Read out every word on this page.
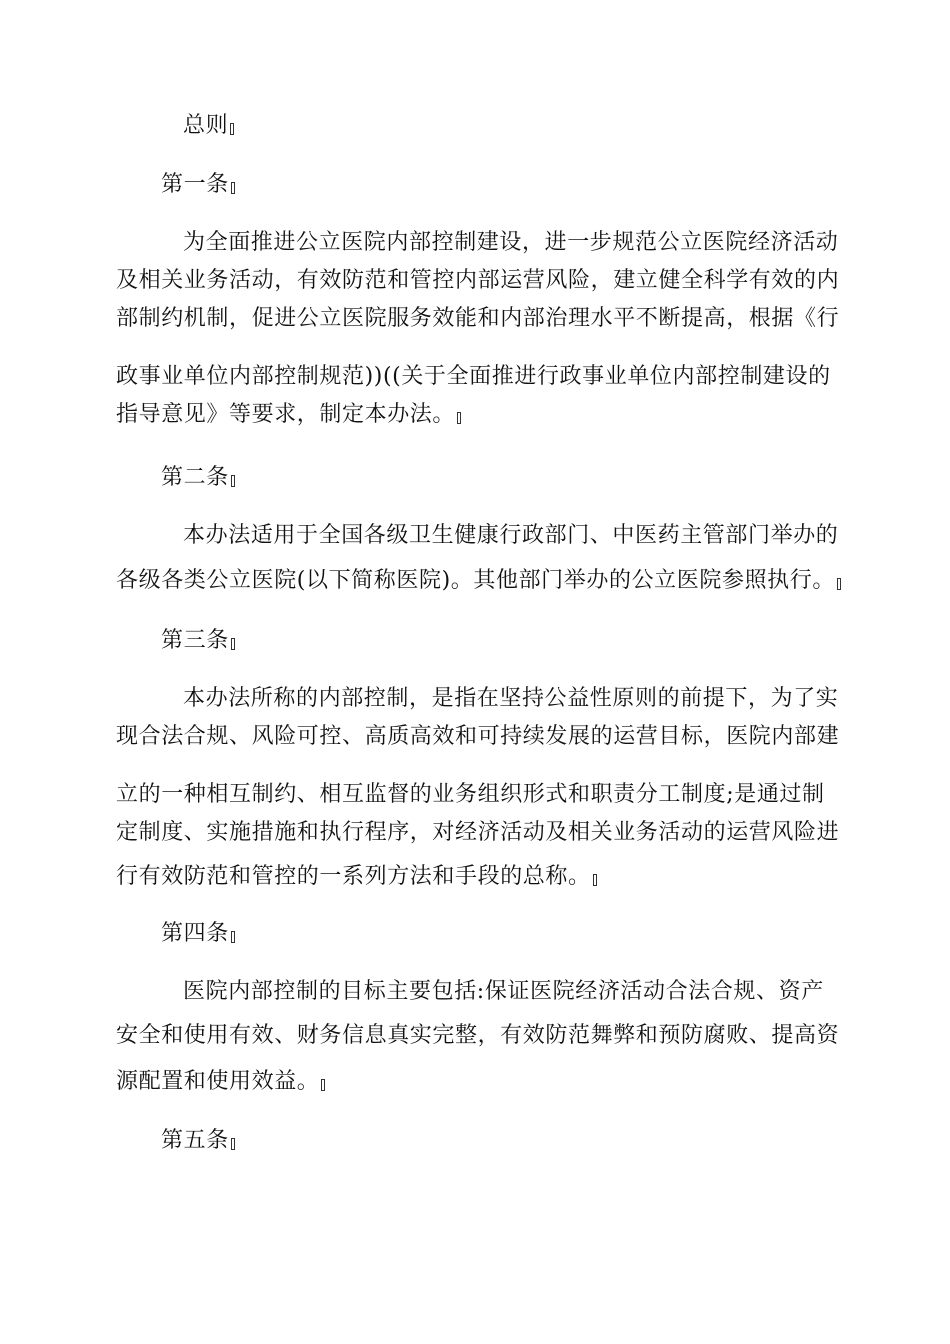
总则
第一条
为全面推进公立医院内部控制建设，进一步规范公立医院经济活动
及相关业务活动，有效防范和管控内部运营风险，建立健全科学有效的内
部制约机制，促进公立医院服务效能和内部治理水平不断提高，根据《行
政事业单位内部控制规范))((关于全面推进行政事业单位内部控制建设的
指导意见》等要求，制定本办法。
第二条
本办法适用于全国各级卫生健康行政部门、中医药主管部门举办的
各级各类公立医院(以下简称医院)。其他部门举办的公立医院参照执行。
第三条
本办法所称的内部控制，是指在坚持公益性原则的前提下，为了实
现合法合规、风险可控、高质高效和可持续发展的运营目标，医院内部建
立的一种相互制约、相互监督的业务组织形式和职责分工制度;是通过制
定制度、实施措施和执行程序，对经济活动及相关业务活动的运营风险进
行有效防范和管控的一系列方法和手段的总称。
第四条
医院内部控制的目标主要包括:保证医院经济活动合法合规、资产
安全和使用有效、财务信息真实完整，有效防范舞弊和预防腐败、提高资
源配置和使用效益。
第五条
